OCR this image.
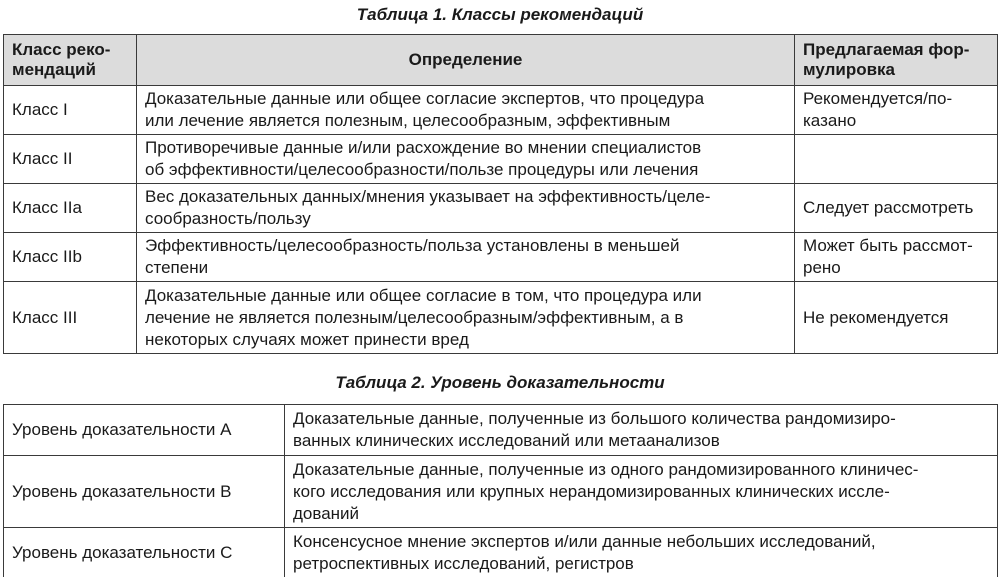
Таблица 1. Классы рекомендаций
Класс реко-
мендаций	Определение	Предлагаемая фор-
мулировка
Класс I	Доказательные данные или общее согласие экспертов, что процедура
или лечение является полезным, целесообразным, эффективным	Рекомендуется/по-
казано
Класс II	Противоречивые данные и/или расхождение во мнении специалистов
об эффективности/целесообразности/пользе процедуры или лечения	
Класс IIa	Вес доказательных данных/мнения указывает на эффективность/целе-
сообразность/пользу	Следует рассмотреть
Класс IIb	Эффективность/целесообразность/польза установлены в меньшей
степени	Может быть рассмот-
рено
Класс III	Доказательные данные или общее согласие в том, что процедура или
лечение не является полезным/целесообразным/эффективным, а в
некоторых случаях может принести вред	Не рекомендуется
Таблица 2. Уровень доказательности
Уровень доказательности А	Доказательные данные, полученные из большого количества рандомизиро-
ванных клинических исследований или метаанализов
Уровень доказательности B	Доказательные данные, полученные из одного рандомизированного клиничес-
кого исследования или крупных нерандомизированных клинических иссле-
дований
Уровень доказательности C	Консенсусное мнение экспертов и/или данные небольших исследований,
ретроспективных исследований, регистров
